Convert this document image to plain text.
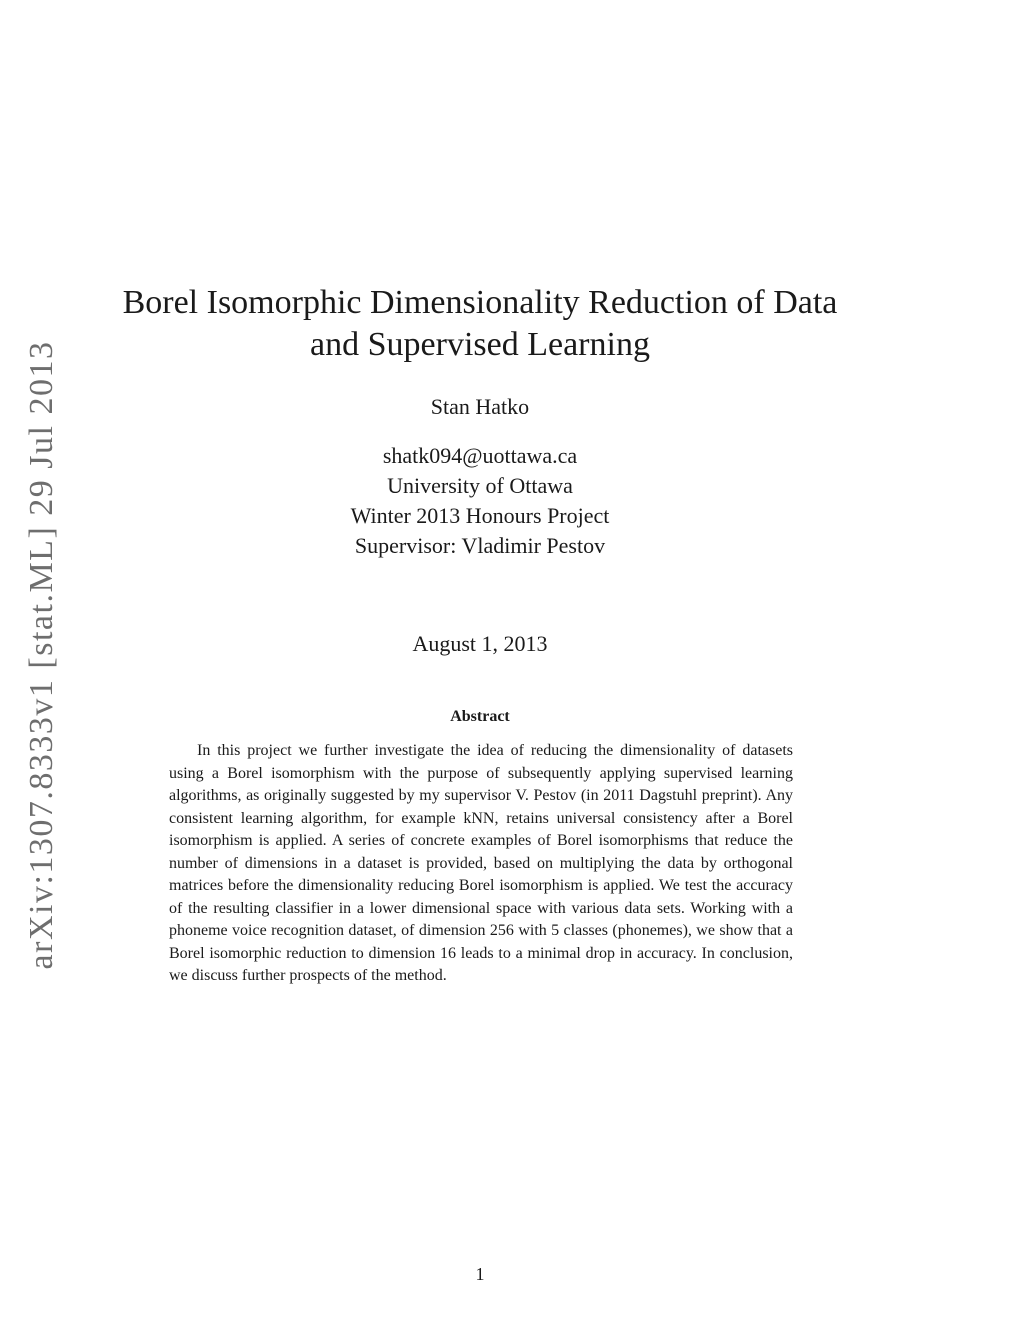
arXiv:1307.8333v1 [stat.ML] 29 Jul 2013
Borel Isomorphic Dimensionality Reduction of Data
and Supervised Learning
Stan Hatko
shatk094@uottawa.ca
University of Ottawa
Winter 2013 Honours Project
Supervisor: Vladimir Pestov
August 1, 2013
Abstract

In this project we further investigate the idea of reducing the dimensionality of datasets using a Borel isomorphism with the purpose of subsequently applying supervised learning algorithms, as originally suggested by my supervisor V. Pestov (in 2011 Dagstuhl preprint). Any consistent learning algorithm, for example kNN, retains universal consistency after a Borel isomorphism is applied. A series of concrete examples of Borel isomorphisms that reduce the number of dimensions in a dataset is provided, based on multiplying the data by orthogonal matrices before the dimensionality reducing Borel isomorphism is applied. We test the accuracy of the resulting classifier in a lower dimensional space with various data sets. Working with a phoneme voice recognition dataset, of dimension 256 with 5 classes (phonemes), we show that a Borel isomorphic reduction to dimension 16 leads to a minimal drop in accuracy. In conclusion, we discuss further prospects of the method.

1
